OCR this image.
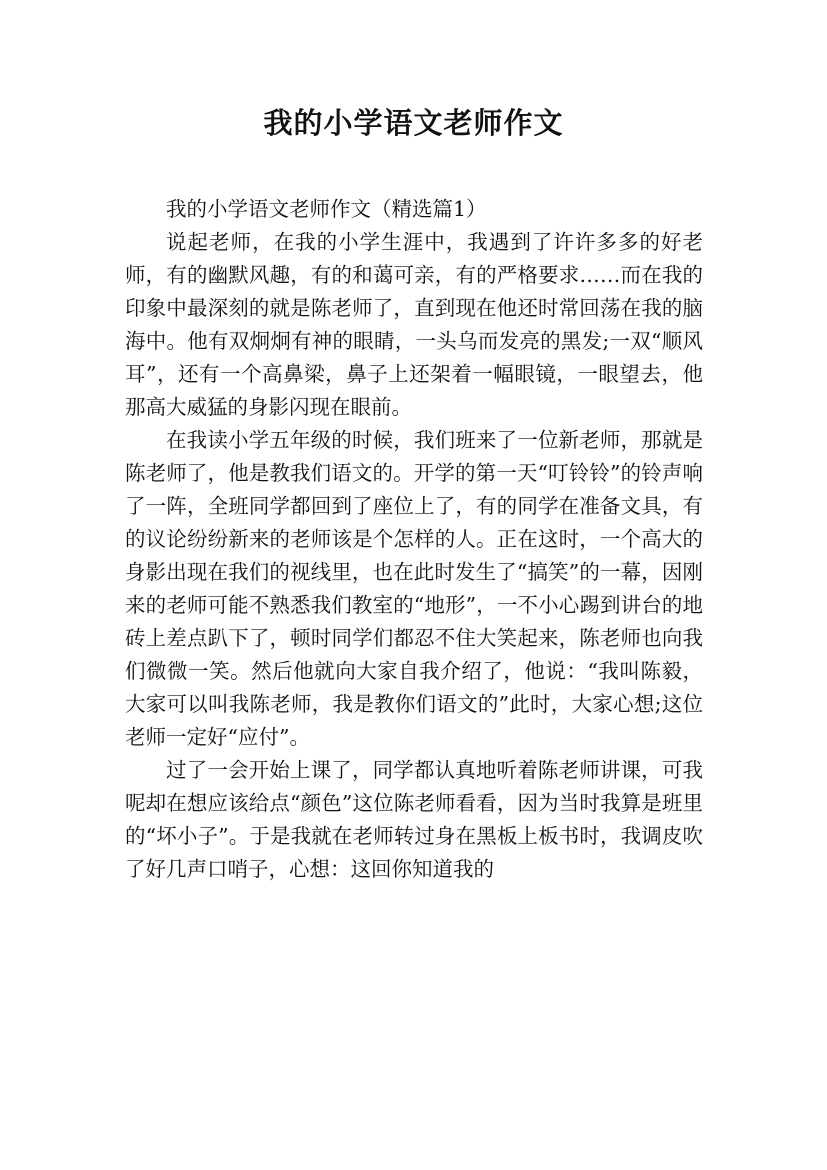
我的小学语文老师作文

我的小学语文老师作文（精选篇1）

说起老师，在我的小学生涯中，我遇到了许许多多的好老师，有的幽默风趣，有的和蔼可亲，有的严格要求……而在我的印象中最深刻的就是陈老师了，直到现在他还时常回荡在我的脑海中。他有双炯炯有神的眼睛，一头乌而发亮的黑发;一双“顺风耳”，还有一个高鼻梁，鼻子上还架着一幅眼镜，一眼望去，他那高大威猛的身影闪现在眼前。

在我读小学五年级的时候，我们班来了一位新老师，那就是陈老师了，他是教我们语文的。开学的第一天“叮铃铃”的铃声响了一阵，全班同学都回到了座位上了，有的同学在准备文具，有的议论纷纷新来的老师该是个怎样的人。正在这时，一个高大的身影出现在我们的视线里，也在此时发生了“搞笑”的一幕，因刚来的老师可能不熟悉我们教室的“地形”，一不小心踢到讲台的地砖上差点趴下了，顿时同学们都忍不住大笑起来，陈老师也向我们微微一笑。然后他就向大家自我介绍了，他说：“我叫陈毅，大家可以叫我陈老师，我是教你们语文的”此时，大家心想;这位老师一定好“应付”。

过了一会开始上课了，同学都认真地听着陈老师讲课，可我呢却在想应该给点“颜色”这位陈老师看看，因为当时我算是班里的“坏小子”。于是我就在老师转过身在黑板上板书时，我调皮吹了好几声口哨子，心想：这回你知道我的
